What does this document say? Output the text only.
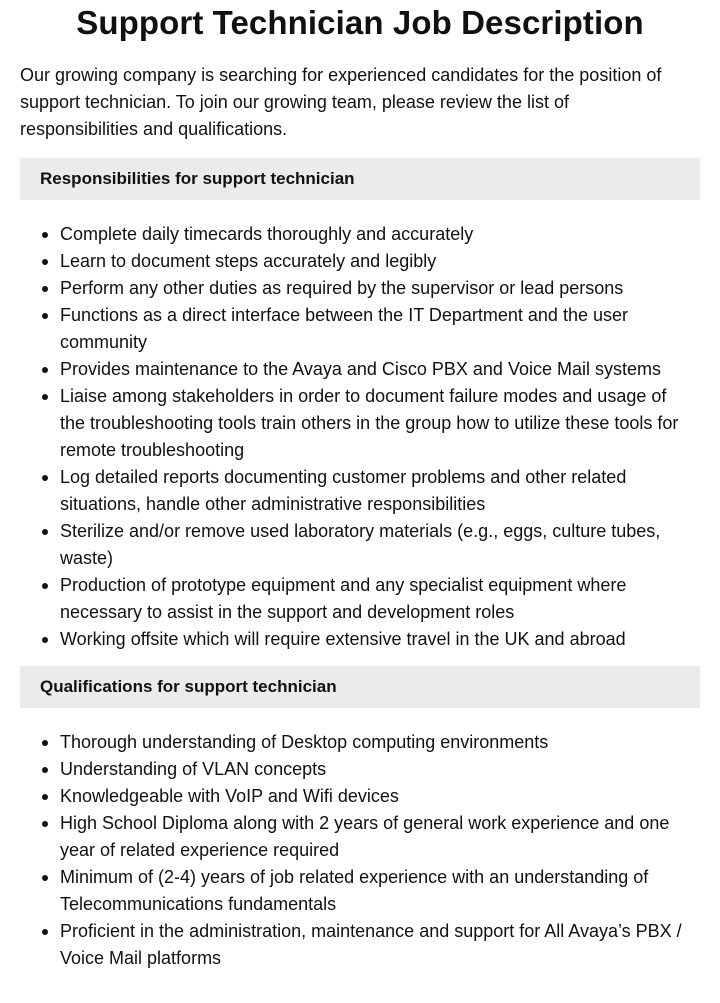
Support Technician Job Description

Our growing company is searching for experienced candidates for the position of support technician. To join our growing team, please review the list of responsibilities and qualifications.

Responsibilities for support technician
Complete daily timecards thoroughly and accurately
Learn to document steps accurately and legibly
Perform any other duties as required by the supervisor or lead persons
Functions as a direct interface between the IT Department and the user community
Provides maintenance to the Avaya and Cisco PBX and Voice Mail systems
Liaise among stakeholders in order to document failure modes and usage of the troubleshooting tools train others in the group how to utilize these tools for remote troubleshooting
Log detailed reports documenting customer problems and other related situations, handle other administrative responsibilities
Sterilize and/or remove used laboratory materials (e.g., eggs, culture tubes, waste)
Production of prototype equipment and any specialist equipment where necessary to assist in the support and development roles
Working offsite which will require extensive travel in the UK and abroad
Qualifications for support technician
Thorough understanding of Desktop computing environments
Understanding of VLAN concepts
Knowledgeable with VoIP and Wifi devices
High School Diploma along with 2 years of general work experience and one year of related experience required
Minimum of (2-4) years of job related experience with an understanding of Telecommunications fundamentals
Proficient in the administration, maintenance and support for All Avaya’s PBX / Voice Mail platforms
